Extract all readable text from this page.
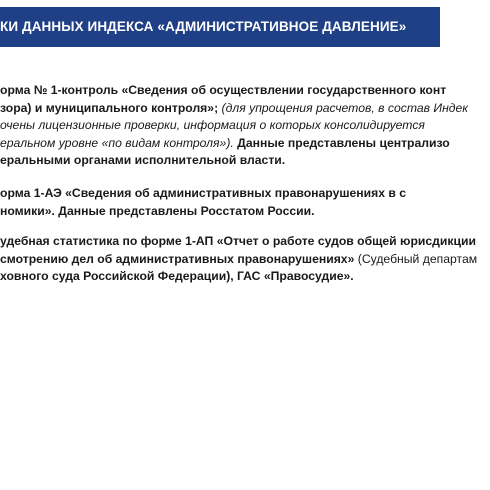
КИ ДАННЫХ ИНДЕКСА «АДМИНИСТРАТИВНОЕ ДАВЛЕНИЕ»
орма № 1-контроль «Сведения об осуществлении государственного конт
зора) и муниципального контроля»; (для упрощения расчетов, в состав Индек
очены лицензионные проверки, информация о которых консолидируется
еральном уровне «по видам контроля»). Данные представлены централизо
еральными органами исполнительной власти.
орма 1-АЭ «Сведения об административных правонарушениях в с
номики». Данные представлены Росстатом России.
удебная статистика по форме 1-АП «Отчет о работе судов общей юрисдикции
смотрению дел об административных правонарушениях» (Судебный департам
ховного суда Российской Федерации), ГАС «Правосудие».
